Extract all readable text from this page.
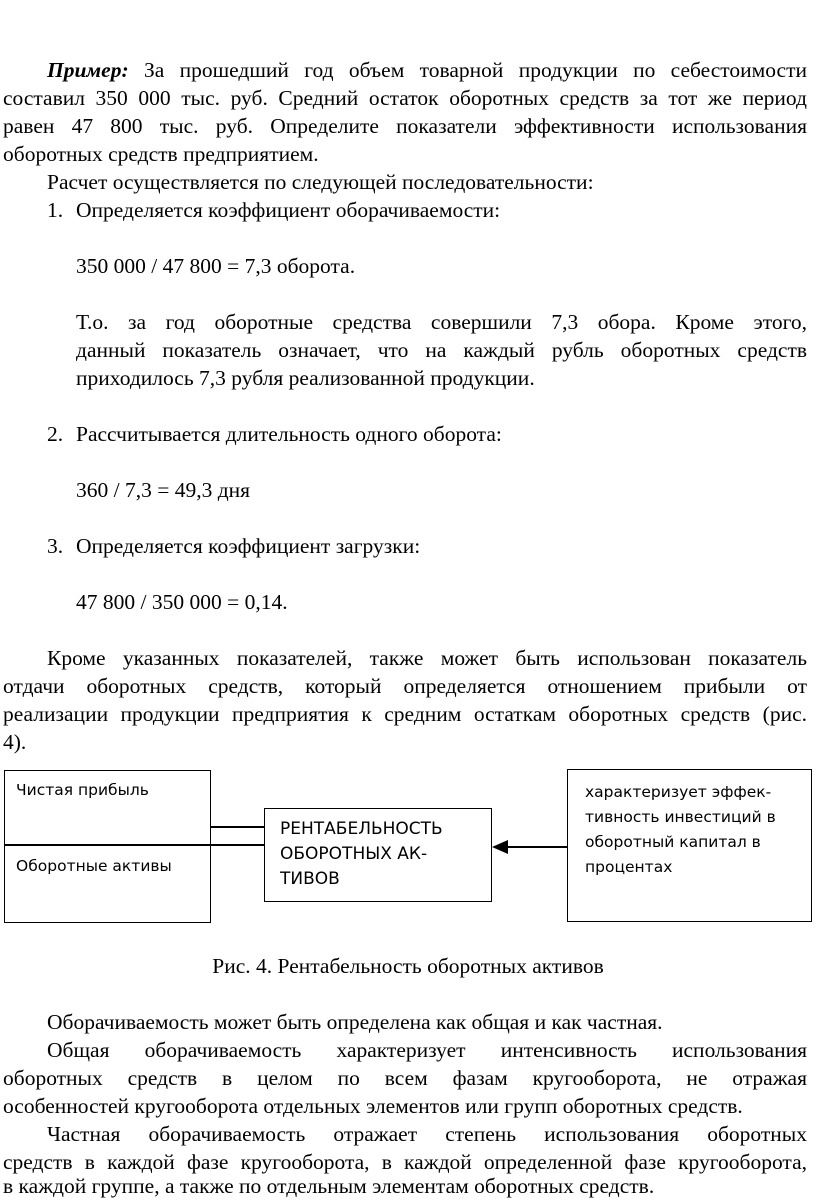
Пример: За прошедший год объем товарной продукции по себестоимости
составил 350 000 тыс. руб. Средний остаток оборотных средств за тот же период
равен 47 800 тыс. руб. Определите показатели эффективности использования
оборотных средств предприятием.
Расчет осуществляется по следующей последовательности:
1. Определяется коэффициент оборачиваемости:
350 000 / 47 800 = 7,3 оборота.
Т.о. за год оборотные средства совершили 7,3 обора. Кроме этого,
данный показатель означает, что на каждый рубль оборотных средств
приходилось 7,3 рубля реализованной продукции.
2. Рассчитывается длительность одного оборота:
360 / 7,3 = 49,3 дня
3. Определяется коэффициент загрузки:
47 800 / 350 000 = 0,14.
Кроме указанных показателей, также может быть использован показатель
отдачи оборотных средств, который определяется отношением прибыли от
реализации продукции предприятия к средним остаткам оборотных средств (рис.
4).
Чистая прибыль
Оборотные активы
РЕНТАБЕЛЬНОСТЬ
ОБОРОТНЫХ АК-
ТИВОВ
характеризует эффек-
тивность инвестиций в
оборотный капитал в
процентах
Рис. 4. Рентабельность оборотных активов
Оборачиваемость может быть определена как общая и как частная.
Общая оборачиваемость характеризует интенсивность использования
оборотных средств в целом по всем фазам кругооборота, не отражая
особенностей кругооборота отдельных элементов или групп оборотных средств.
Частная оборачиваемость отражает степень использования оборотных
средств в каждой фазе кругооборота, в каждой определенной фазе кругооборота,
в каждой группе, а также по отдельным элементам оборотных средств.
